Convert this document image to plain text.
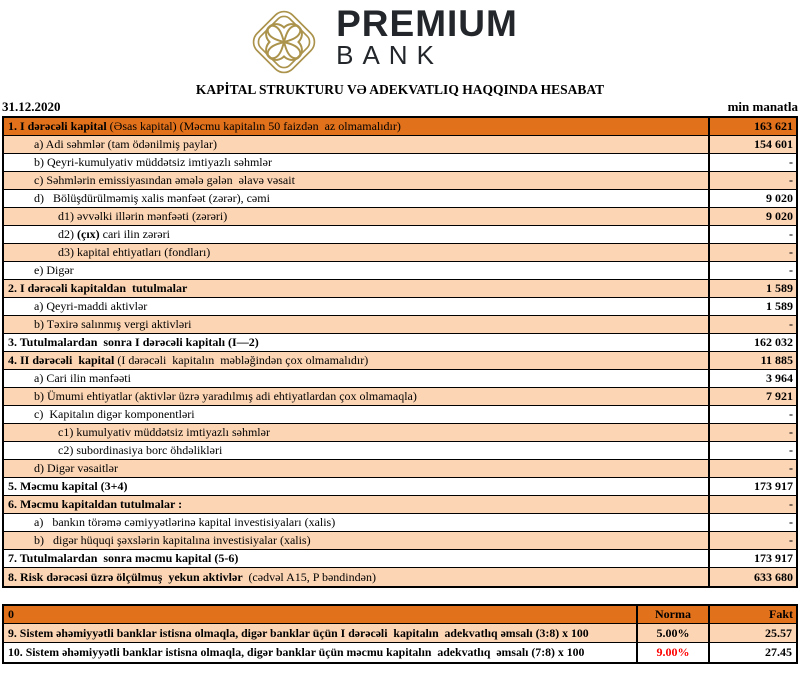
PREMIUM
BANK
KAPİTAL STRUKTURU VƏ ADEKVATLIQ HAQQINDA HESABAT
31.12.2020	min manatla
1. I dərəcəli kapital (Əsas kapital) (Məcmu kapitalın 50 faizdən  az olmamalıdır)	163 621
a) Adi səhmlər (tam ödənilmiş paylar)	154 601
b) Qeyri-kumulyativ müddətsiz imtiyazlı səhmlər	-
c) Səhmlərin emissiyasından əmələ gələn  əlavə vəsait	-
d)   Bölüşdürülməmiş xalis mənfəət (zərər), cəmi	9 020
d1) əvvəlki illərin mənfəəti (zərəri)	9 020
d2) (çıx) cari ilin zərəri	-
d3) kapital ehtiyatları (fondları)	-
e) Digər	-
2. I dərəcəli kapitaldan  tutulmalar	1 589
a) Qeyri-maddi aktivlər	1 589
b) Təxirə salınmış vergi aktivləri	-
3. Tutulmalardan  sonra I dərəcəli kapitalı (I—2)	162 032
4. II dərəcəli  kapital (I dərəcəli  kapitalın  məbləğindən çox olmamalıdır)	11 885
a) Cari ilin mənfəəti	3 964
b) Ümumi ehtiyatlar (aktivlər üzrə yaradılmış adi ehtiyatlardan çox olmamaqla)	7 921
c)  Kapitalın digər komponentləri	-
c1) kumulyativ müddətsiz imtiyazlı səhmlər	-
c2) subordinasiya borc öhdəlikləri	-
d) Digər vəsaitlər	-
5. Məcmu kapital (3+4)	173 917
6. Məcmu kapitaldan tutulmalar :	-
a)   bankın törəmə cəmiyyətlərinə kapital investisiyaları (xalis)	-
b)   digər hüquqi şəxslərin kapitalına investisiyalar (xalis)	-
7. Tutulmalardan  sonra məcmu kapital (5-6)	173 917
8. Risk dərəcəsi üzrə ölçülmuş  yekun aktivlər (cədvəl A15, P bəndindən)	633 680
0	Norma	Fakt
9. Sistem əhəmiyyətli banklar istisna olmaqla, digər banklar üçün I dərəcəli  kapitalın  adekvatlıq əmsalı (3:8) x 100	5.00%	25.57
10. Sistem əhəmiyyətli banklar istisna olmaqla, digər banklar üçün məcmu kapitalın  adekvatlıq  əmsalı (7:8) x 100	9.00%	27.45
